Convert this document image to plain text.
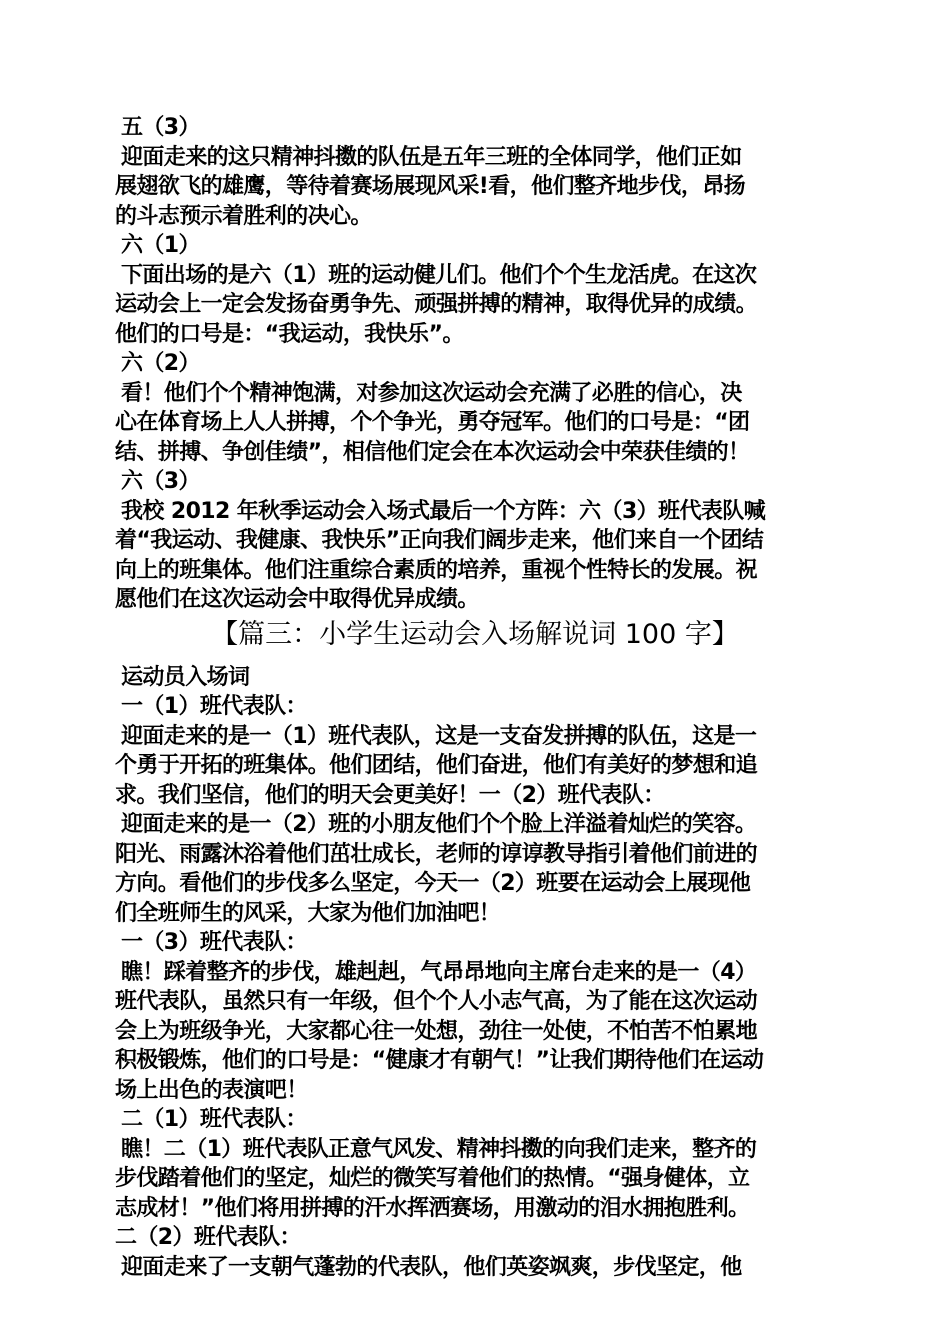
五（3）
迎面走来的这只精神抖擞的队伍是五年三班的全体同学，他们正如
展翅欲飞的雄鹰，等待着赛场展现风采!看，他们整齐地步伐，昂扬
的斗志预示着胜利的决心。
六（1）
下面出场的是六（1）班的运动健儿们。他们个个生龙活虎。在这次
运动会上一定会发扬奋勇争先、顽强拼搏的精神，取得优异的成绩。
他们的口号是：“我运动，我快乐”。
六（2）
看！他们个个精神饱满，对参加这次运动会充满了必胜的信心，决
心在体育场上人人拼搏，个个争光，勇夺冠军。他们的口号是：“团
结、拼搏、争创佳绩”，相信他们定会在本次运动会中荣获佳绩的！
六（3）
我校 2012 年秋季运动会入场式最后一个方阵：六（3）班代表队喊
着“我运动、我健康、我快乐”正向我们阔步走来，他们来自一个团结
向上的班集体。他们注重综合素质的培养，重视个性特长的发展。祝
愿他们在这次运动会中取得优异成绩。
【篇三：小学生运动会入场解说词 100 字】
运动员入场词
一（1）班代表队：
迎面走来的是一（1）班代表队，这是一支奋发拼搏的队伍，这是一
个勇于开拓的班集体。他们团结，他们奋进，他们有美好的梦想和追
求。我们坚信，他们的明天会更美好！一（2）班代表队：
迎面走来的是一（2）班的小朋友他们个个脸上洋溢着灿烂的笑容。
阳光、雨露沐浴着他们茁壮成长，老师的谆谆教导指引着他们前进的
方向。看他们的步伐多么坚定，今天一（2）班要在运动会上展现他
们全班师生的风采，大家为他们加油吧！
一（3）班代表队：
瞧！踩着整齐的步伐，雄赳赳，气昂昂地向主席台走来的是一（4）
班代表队，虽然只有一年级，但个个人小志气高，为了能在这次运动
会上为班级争光，大家都心往一处想，劲往一处使，不怕苦不怕累地
积极锻炼，他们的口号是：“健康才有朝气！”让我们期待他们在运动
场上出色的表演吧！
二（1）班代表队：
瞧！二（1）班代表队正意气风发、精神抖擞的向我们走来，整齐的
步伐踏着他们的坚定，灿烂的微笑写着他们的热情。“强身健体，立
志成材！”他们将用拼搏的汗水挥洒赛场，用激动的泪水拥抱胜利。
二（2）班代表队：
迎面走来了一支朝气蓬勃的代表队，他们英姿飒爽，步伐坚定，他
